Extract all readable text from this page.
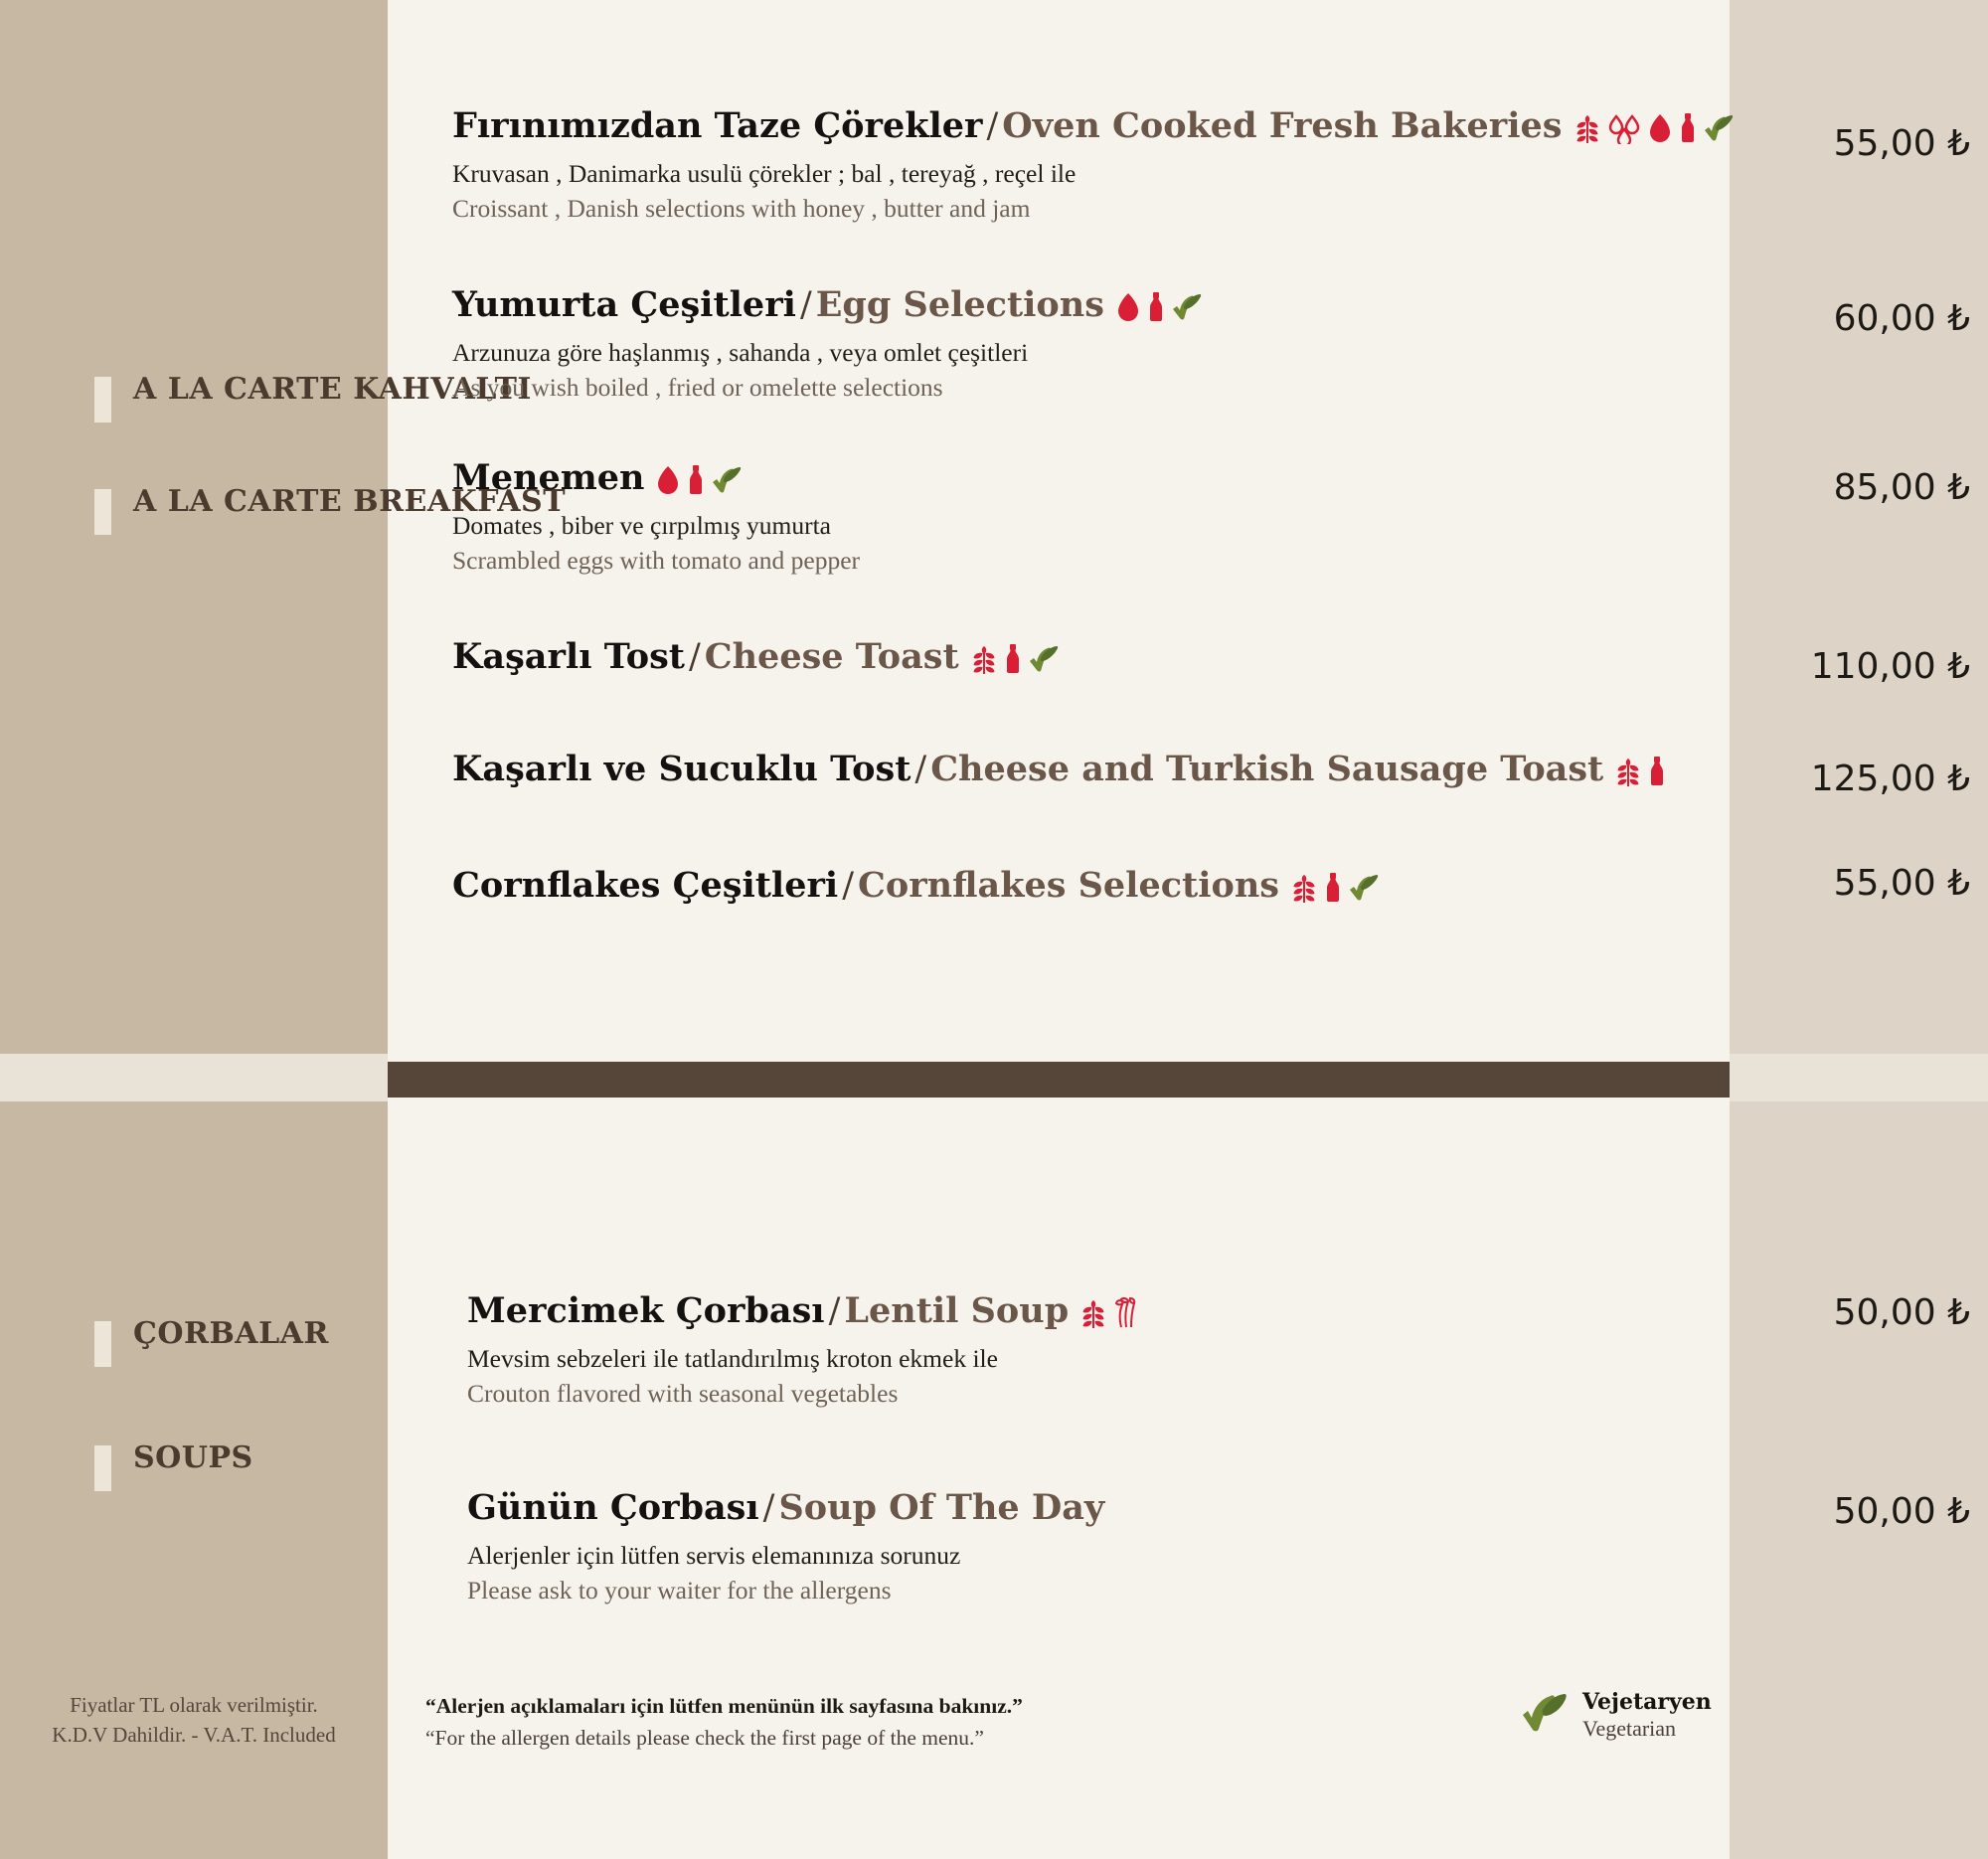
A LA CARTE KAHVALTI
A LA CARTE BREAKFAST
ÇORBALAR
SOUPS
Fırınımızdan Taze Çörekler / Oven Cooked Fresh Bakeries
Kruvasan , Danimarka usulü çörekler ; bal , tereyağ , reçel ile
Croissant , Danish selections with honey , butter and jam
55,00 ₺
Yumurta Çeşitleri / Egg Selections
Arzunuza göre haşlanmış , sahanda , veya omlet çeşitleri
As you wish boiled , fried or omelette selections
60,00 ₺
Menemen
Domates , biber ve çırpılmış yumurta
Scrambled eggs with tomato and pepper
85,00 ₺
Kaşarlı Tost / Cheese Toast	110,00 ₺
Kaşarlı ve Sucuklu Tost / Cheese and Turkish Sausage Toast	125,00 ₺
Cornflakes Çeşitleri / Cornflakes Selections	55,00 ₺
Mercimek Çorbası / Lentil Soup
Mevsim sebzeleri ile tatlandırılmış kroton ekmek ile
Crouton flavored with seasonal vegetables
50,00 ₺
Günün Çorbası / Soup Of The Day
Alerjenler için lütfen servis elemanınıza sorunuz
Please ask to your waiter for the allergens
50,00 ₺
Fiyatlar TL olarak verilmiştir.
K.D.V Dahildir. - V.A.T. Included
“Alerjen açıklamaları için lütfen menünün ilk sayfasına bakınız.”
“For the allergen details please check the first page of the menu.”
Vejetaryen
Vegetarian
